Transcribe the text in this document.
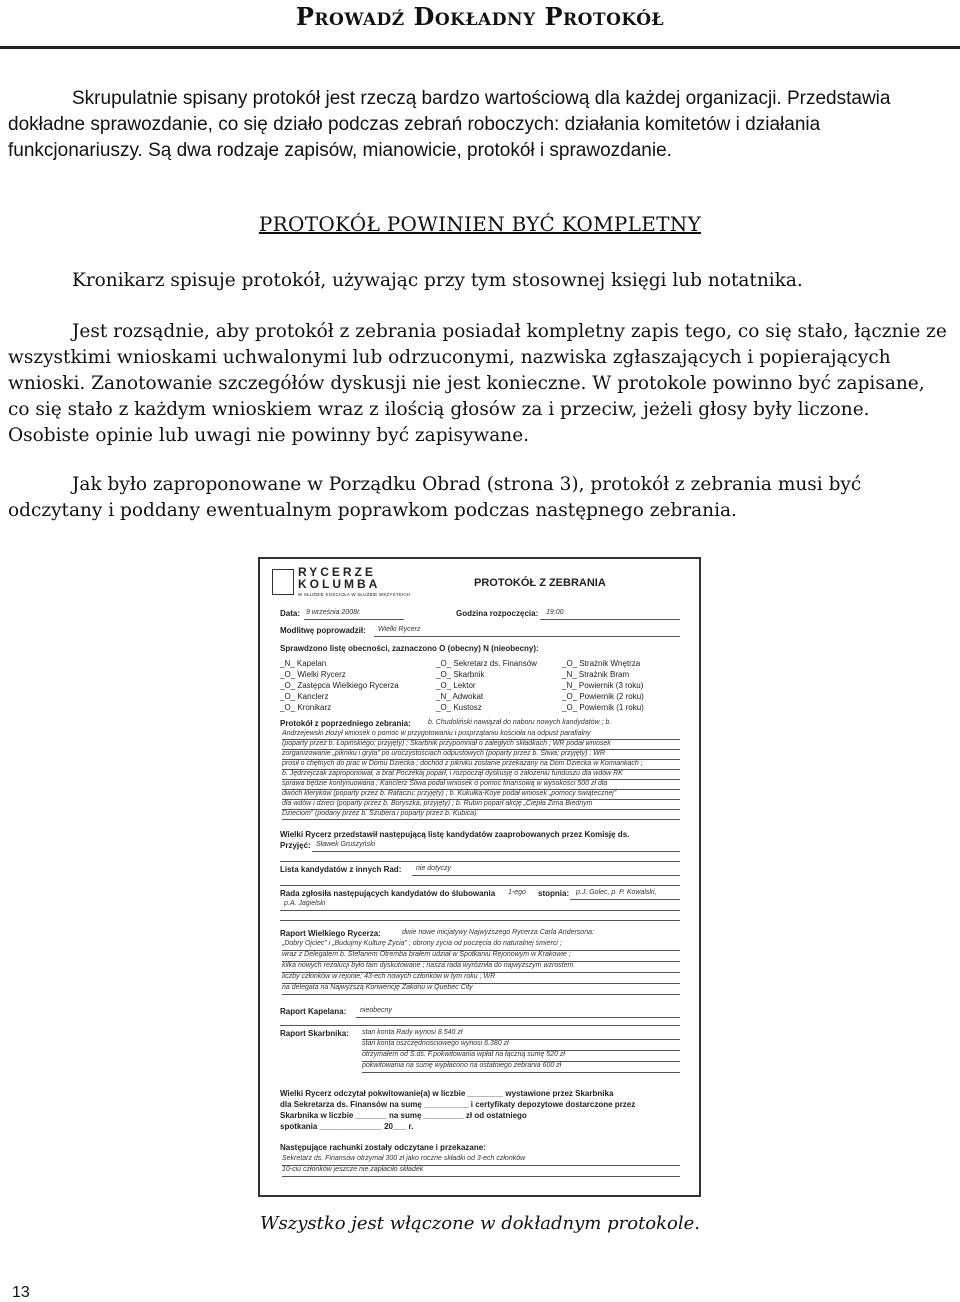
Prowadź Dokładny Protokół

Skrupulatnie spisany protokół jest rzeczą bardzo wartościową dla każdej organizacji. Przedstawia dokładne sprawozdanie, co się działo podczas zebrań roboczych: działania komitetów i działania funkcjonariuszy. Są dwa rodzaje zapisów, mianowicie, protokół i sprawozdanie.

PROTOKÓŁ POWINIEN BYĆ KOMPLETNY

Kronikarz spisuje protokół, używając przy tym stosownej księgi lub notatnika.

Jest rozsądnie, aby protokół z zebrania posiadał kompletny zapis tego, co się stało, łącznie ze wszystkimi wnioskami uchwalonymi lub odrzuconymi, nazwiska zgłaszających i popierających wnioski. Zanotowanie szczegółów dyskusji nie jest konieczne. W protokole powinno być zapisane, co się stało z każdym wnioskiem wraz z ilością głosów za i przeciw, jeżeli głosy były liczone. Osobiste opinie lub uwagi nie powinny być zapisywane.

Jak było zaproponowane w Porządku Obrad (strona 3), protokół z zebrania musi być odczytany i poddany ewentualnym poprawkom podczas następnego zebrania.

RYCERZE
KOLUMBA
W SŁUŻBIE KOŚCIOŁA W SŁUŻBIE WSZYSTKICH
PROTOKÓŁ Z ZEBRANIA
Data: 9 września 2008r.	Godzina rozpoczęcia: 19:00
Modlitwę poprowadził: Wielki Rycerz
Sprawdzono listę obecności, zaznaczono O (obecny) N (nieobecny):
Protokół z poprzedniego zebrania:
Wielki Rycerz przedstawił następującą listę kandydatów zaaprobowanych przez Komisję ds.
Przyjęć: Sławek Gruszyński
Lista kandydatów z innych Rad: nie dotyczy
Rada zgłosiła następujących kandydatów do ślubowania 1-ego stopnia: p.J. Golec, p. P. Kowalski,
p.A. Jagielski
Raport Wielkiego Rycerza:
Raport Kapelana: nieobecny
Raport Skarbnika:
Wielki Rycerz odczytał pokwitowanie(a) w liczbie ________ wystawione przez Skarbnika
dla Sekretarza ds. Finansów na sumę __________ i certyfikaty depozytowe dostarczone przez
Skarbnika w liczbie _______ na sumę _________ zł od ostatniego
spotkania ______________ 20___ r.
Następujące rachunki zostały odczytane i przekazane:
_N_ Kapelan
_O_ Wielki Rycerz
_O_ Zastępca Wielkiego Rycerza
_O_ Kanclerz
_O_ Kronikarz
_O_ Sekretarz ds. Finansów
_O_ Skarbnik
_O_ Lektor
_N_ Adwokat
_O_ Kustosz
_O_ Strażnik Wnętrza
_N_ Strażnik Bram
_N_ Powiernik (3 roku)
_O_ Powiernik (2 roku)
_O_ Powiernik (1 roku)
b. Chudoliński nawiązał do naboru nowych kandydatów ; b.
Andrzejewski złożył wniosek o pomoc w przygotowaniu i posprzątaniu kościoła na odpust parafialny
(poparty przez b. Łopińskiego; przyjęty) ; Skarbnik przypomniał o zaległych składkach ; WR podał wniosek
zorganizowanie „pikniku i gryla” po uroczystościach odpustowych (poparty przez b. Śliwa; przyjęty) ; WR
prosił o chętnych do prac w Domu Dziecka ; dochód z pikniku zostanie przekazany na Dom Dziecka w Komiankach ;
b. Jędrzejczak zaproponował, a brat Poczekaj poparł, i rozpoczął dyskusję o założeniu funduszu dla wdów RK
sprawa będzie kontynuowana ; Kanclerz Śliwa podał wniosek o pomoc finansową w wysokości 500 zł dla
dwóch kleryków (poparty przez b. Rafaczu; przyjęty) ; b. Kukułka-Koye podał wniosek „pomocy świątecznej”
dla wdów i dzieci (poparty przez b. Boryszka, przyjęty) ; b. Rubin poparł akcję „Ciepła Zima Biednym
Dzieciom” (podany przez b. Szubera i poparty przez b. Kubica)
dwie nowe inicjatywy Najwyższego Rycerza Carla Andersona:
„Dobry Ojciec” i „Budujmy Kulturę Życia” ; obrony życia od poczęcia do naturalnej śmierci ;
wraz z Delegatem b. Stefanem Otremba brałem udział w Spotkaniu Rejonowym w Krakowie ;
kilka nowych rezolucji było tam dyskutowane ; nasza rada wyróżniła do najwyższym wzrostem
liczby członków w rejonie; 43-ech nowych członków w tym roku ; WR
na delegata na Najwyższą Konwencję Zakonu w Quebec City
stan konta Rady wynosi 8.540 zł
stan konta oszczędnościowego wynosi 6.380 zł
otrzymałem od S.ds. F.pokwitowania wpłat na łączną sumę 520 zł
pokwitowania na sumę wypłacono na ostatniego zebrania 600 zł
Sekretarz ds. Finansów otrzymał 300 zł jako roczne składki od 3-ech członków
10-ciu członków jeszcze nie zapłaciło składek
Wszystko jest włączone w dokładnym protokole.
13
